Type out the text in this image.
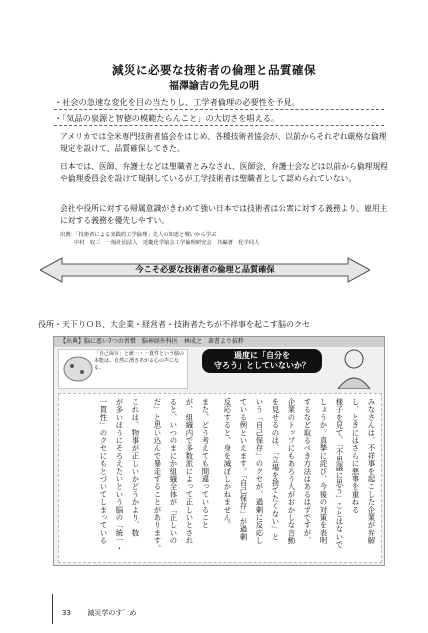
減災に必要な技術者の倫理と品質確保
福澤諭吉の先見の明
・社会の急速な変化を目の当たりし、工学者倫理の必要性を予見。
・「気品の泉源と智徳の模範たらんこと」の大切さを唱える。
アメリカでは全米専門技術者協会をはじめ、各種技術者協会が、以前からそれぞれ厳格な倫理規定を設けて、品質確保してきた。
日本では、医師、弁護士などは聖職者とみなされ、医師会、弁護士会などは以前から倫理規程や倫理委員会を設けて規制しているが工学技術者は聖職者として認められていない。
会社や役所に対する帰属意識がきわめて強い日本では技術者は公衆に対する義務より、雇用主に対する義務を優先しやすい。
出典：「技術者による実践的工学倫理」先人の知恵と戦いから学ぶ
中村　収三　一般社団法人　近畿化学協会工学倫理研究会　共編著　化学同人
今こそ必要な技術者の倫理と品質確保
役所・天下りＯＢ、大企業・経営者・技術者たちが不祥事を起こす脳のクセ
【出典】脳に悪い7つの習慣　脳神経外科医　林成之　著書より抜粋
「自己保存」と統一・一貫性という脳の本能は、自然に湧きあがる心の声になる。
過度に「自分を
守ろう」としていないか？
みなさんは、不祥事を起こした企業が弁解
し、ときにはさらに悪事を重ねる
様子を見て、「不思議に思う」ことはないで
しょうか。真摯に詫び、今後の対策を表明
するなど取るべき方法はあるはずですが、
企業のトップにもあろう人がおかしな言動
を見せるのは、「立場を捨てたくない」と
いう「自己保存」のクセが、過剰に反応し
ている例といえます。「自己保存」が過剰
反応すると、身を滅ぼしかねません。
また、どう考えても間違っていること
が、組織内で多数派によって正しいとされ
ると、いつのまにか組織全体が「正しいの
だ」と思い込んで暴走することがあります。
これは、物事が正しいかどうかより、数
が多いほうにそろえたいという脳の「統一・
一貫性」のクセにもとづいてしまっている
33 減災学のす゛め
